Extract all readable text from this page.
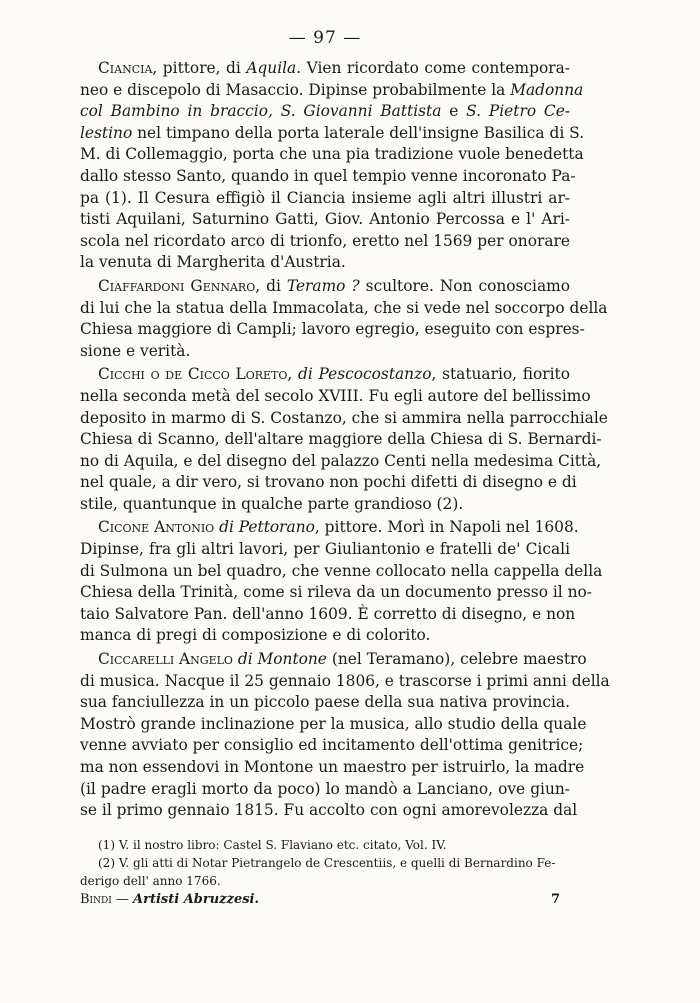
— 97 —
Ciancia, pittore, di Aquila. Vien ricordato come contempora-
neo e discepolo di Masaccio. Dipinse probabilmente la Madonna
col Bambino in braccio, S. Giovanni Battista e S. Pietro Ce-
lestino nel timpano della porta laterale dell'insigne Basilica di S.
M. di Collemaggio, porta che una pia tradizione vuole benedetta
dallo stesso Santo, quando in quel tempio venne incoronato Pa-
pa (1). Il Cesura effigiò il Ciancia insieme agli altri illustri ar-
tisti Aquilani, Saturnino Gatti, Giov. Antonio Percossa e l' Ari-
scola nel ricordato arco di trionfo, eretto nel 1569 per onorare
la venuta di Margherita d'Austria.
Ciaffardoni Gennaro, di Teramo ? scultore. Non conosciamo
di lui che la statua della Immacolata, che si vede nel soccorpo della
Chiesa maggiore di Campli; lavoro egregio, eseguito con espres-
sione e verità.
Cicchi o de Cicco Loreto, di Pescocostanzo, statuario, fiorito
nella seconda metà del secolo XVIII. Fu egli autore del bellissimo
deposito in marmo di S. Costanzo, che si ammira nella parrocchiale
Chiesa di Scanno, dell'altare maggiore della Chiesa di S. Bernardi-
no di Aquila, e del disegno del palazzo Centi nella medesima Città,
nel quale, a dir vero, si trovano non pochi difetti di disegno e di
stile, quantunque in qualche parte grandioso (2).
Cicone Antonio di Pettorano, pittore. Morì in Napoli nel 1608.
Dipinse, fra gli altri lavori, per Giuliantonio e fratelli de' Cicali
di Sulmona un bel quadro, che venne collocato nella cappella della
Chiesa della Trinità, come si rileva da un documento presso il no-
taio Salvatore Pan. dell'anno 1609. È corretto di disegno, e non
manca di pregi di composizione e di colorito.
Ciccarelli Angelo di Montone (nel Teramano), celebre maestro
di musica. Nacque il 25 gennaio 1806, e trascorse i primi anni della
sua fanciullezza in un piccolo paese della sua nativa provincia.
Mostrò grande inclinazione per la musica, allo studio della quale
venne avviato per consiglio ed incitamento dell'ottima genitrice;
ma non essendovi in Montone un maestro per istruirlo, la madre
(il padre eragli morto da poco) lo mandò a Lanciano, ove giun-
se il primo gennaio 1815. Fu accolto con ogni amorevolezza dal
(1) V. il nostro libro: Castel S. Flaviano etc. citato, Vol. IV.
(2) V. gli atti di Notar Pietrangelo de Crescentiis, e quelli di Bernardino Fe-
derigo dell' anno 1766.
Bindi — Artisti Abruzzesi.	7
